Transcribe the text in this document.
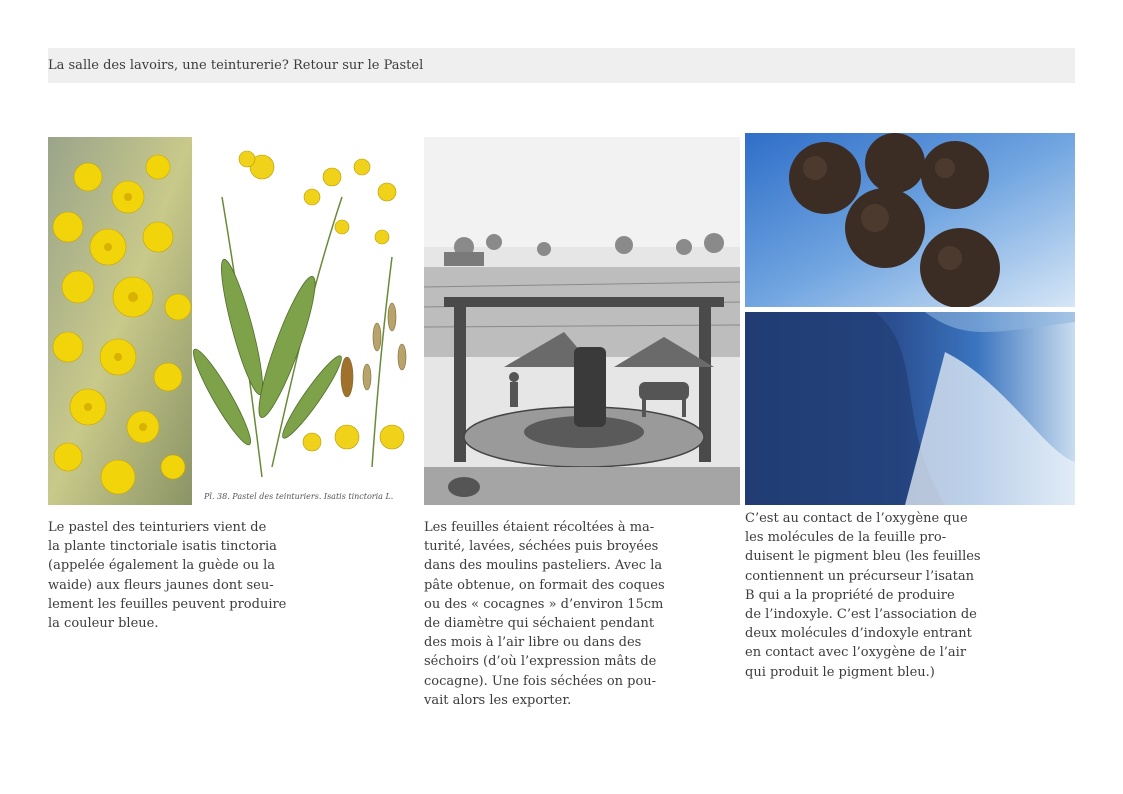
La salle des lavoirs, une teinturerie? Retour sur le Pastel
Pl. 38. Pastel des teinturiers. Isatis tinctoria L.
Le pastel des teinturiers vient de
la plante tinctoriale isatis tinctoria
(appelée également la guède ou la
waide) aux fleurs jaunes dont seu-
lement les feuilles peuvent produire
la couleur bleue.
Les feuilles étaient récoltées à ma-
turité, lavées, séchées puis broyées
dans des moulins pasteliers. Avec la
pâte obtenue, on formait des coques
ou des « cocagnes » d’environ 15cm
de diamètre qui séchaient pendant
des mois à l’air libre ou dans des
séchoirs (d’où l’expression mâts de
cocagne). Une fois séchées on pou-
vait alors les exporter.
C’est au contact de l’oxygène que
les molécules de la feuille pro-
duisent le pigment bleu (les feuilles
contiennent un précurseur l’isatan
B qui a la propriété de produire
de l’indoxyle. C’est l’association de
deux molécules d’indoxyle entrant
en contact avec l’oxygène de l’air
qui produit le pigment bleu.)
